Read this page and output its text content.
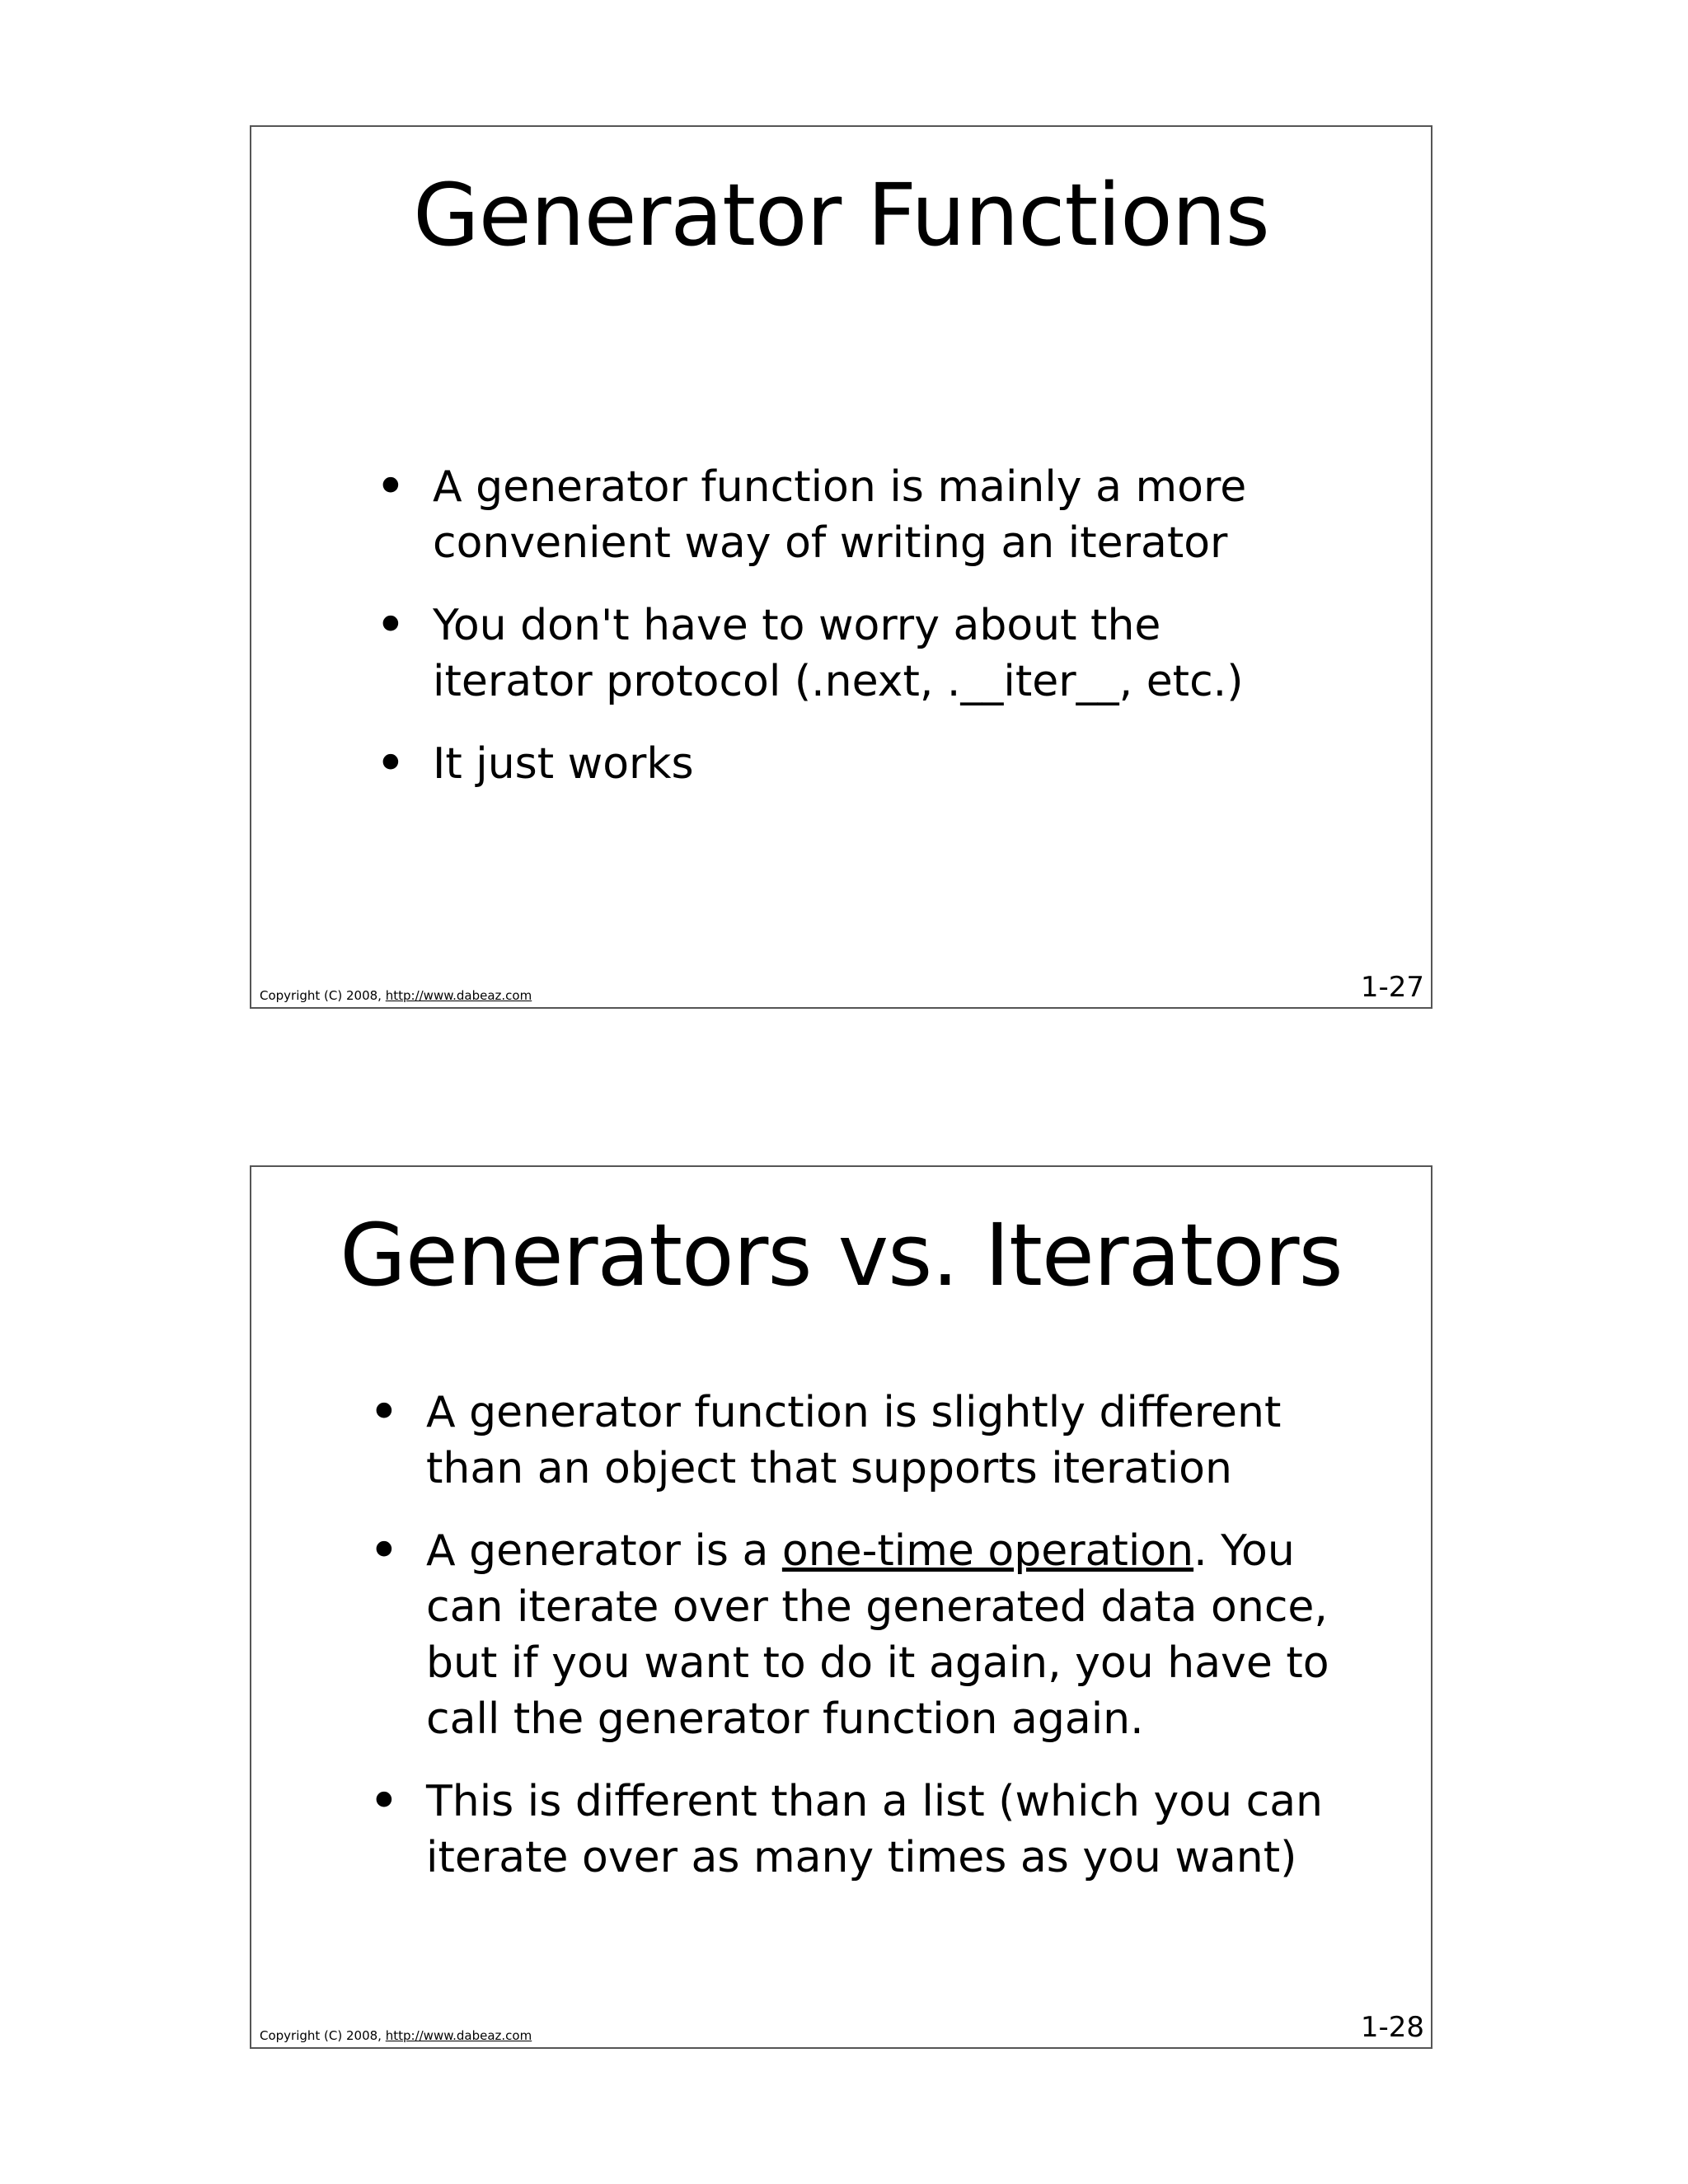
Generator Functions
• A generator function is mainly a more convenient way of writing an iterator
• You don't have to worry about the iterator protocol (.next, .__iter__, etc.)
• It just works
Copyright (C) 2008, http://www.dabeaz.com	1-27
Generators vs. Iterators
• A generator function is slightly different than an object that supports iteration
• A generator is a one-time operation. You can iterate over the generated data once, but if you want to do it again, you have to call the generator function again.
• This is different than a list (which you can iterate over as many times as you want)
Copyright (C) 2008, http://www.dabeaz.com	1-28
